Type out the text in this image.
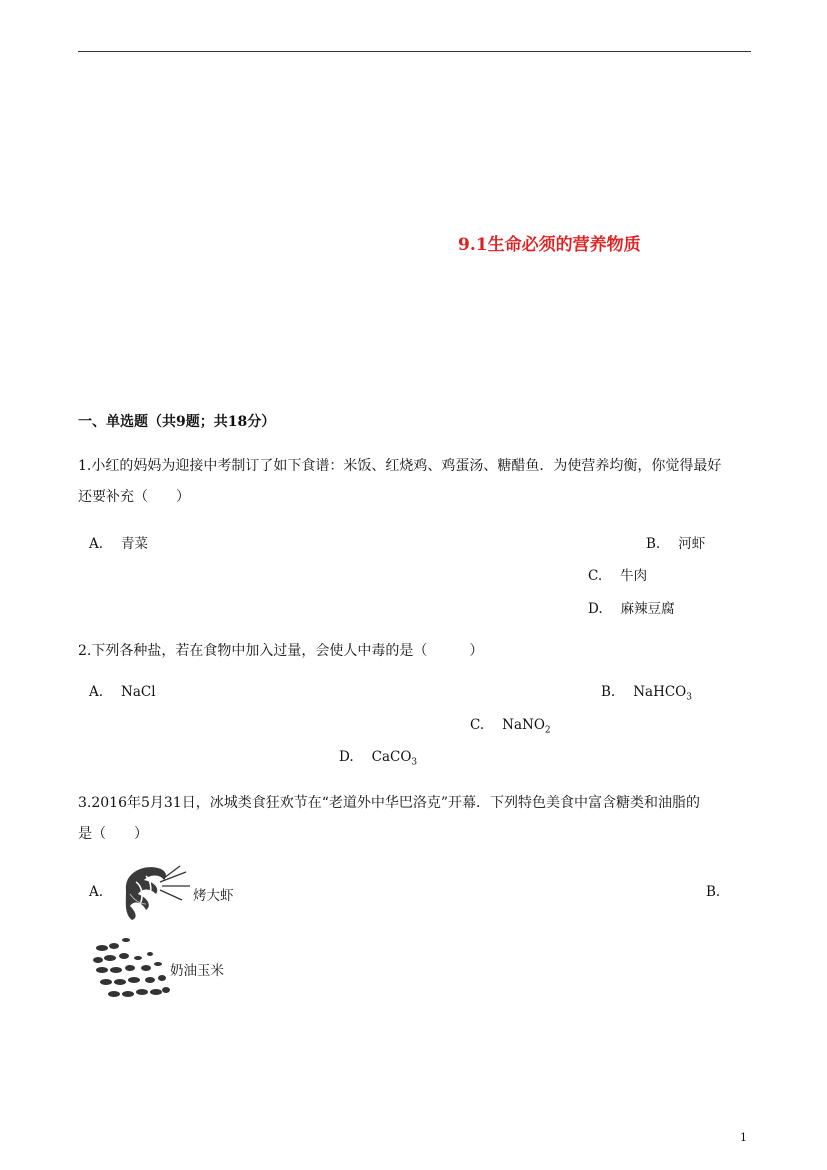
9.1生命必须的营养物质
一、单选题（共9题；共18分）
1.小红的妈妈为迎接中考制订了如下食谱：米饭、红烧鸡、鸡蛋汤、糖醋鱼．为使营养均衡，你觉得最好
还要补充（　　）
A. 青菜	B. 河虾
C. 牛肉
D. 麻辣豆腐
2.下列各种盐，若在食物中加入过量，会使人中毒的是（　　　）
A. NaCl	B. NaHCO$_3$
C. NaNO$_2$
D. CaCO$_3$
3.2016年5月31日，冰城类食狂欢节在“老道外中华巴洛克”开幕．下列特色美食中富含糖类和油脂的
是（　　）
A.	烤大虾	B.
奶油玉米
1
